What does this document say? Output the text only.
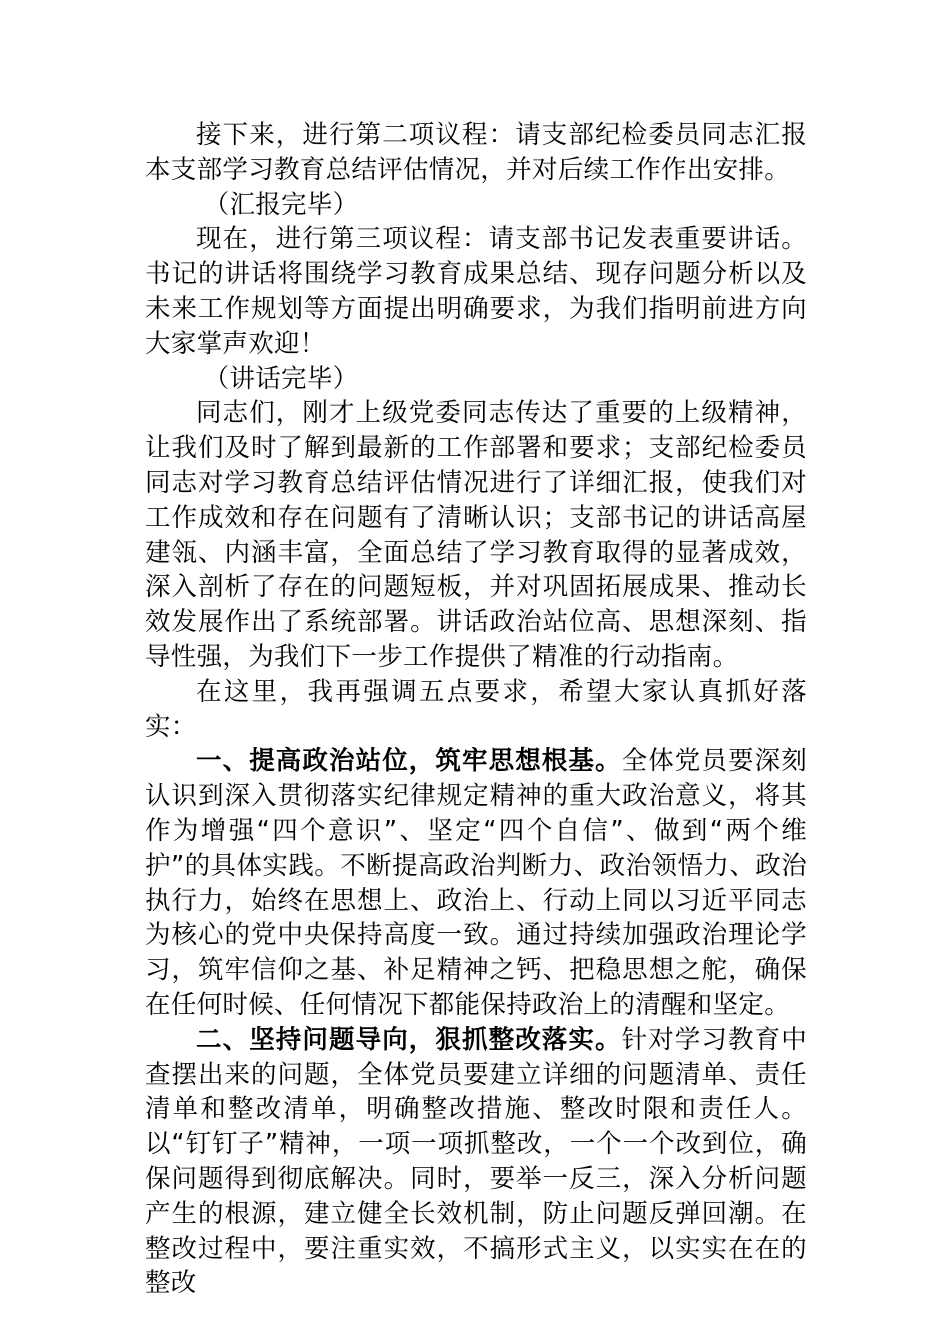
接下来，进行第二项议程：请支部纪检委员同志汇报本支部学习教育总结评估情况，并对后续工作作出安排。

（汇报完毕）

现在，进行第三项议程：请支部书记发表重要讲话。书记的讲话将围绕学习教育成果总结、现存问题分析以及未来工作规划等方面提出明确要求，为我们指明前进方向大家掌声欢迎！

（讲话完毕）

同志们，刚才上级党委同志传达了重要的上级精神，让我们及时了解到最新的工作部署和要求；支部纪检委员同志对学习教育总结评估情况进行了详细汇报，使我们对工作成效和存在问题有了清晰认识；支部书记的讲话高屋建瓴、内涵丰富，全面总结了学习教育取得的显著成效，深入剖析了存在的问题短板，并对巩固拓展成果、推动长效发展作出了系统部署。讲话政治站位高、思想深刻、指导性强，为我们下一步工作提供了精准的行动指南。

在这里，我再强调五点要求，希望大家认真抓好落实：

一、提高政治站位，筑牢思想根基。全体党员要深刻认识到深入贯彻落实纪律规定精神的重大政治意义，将其作为增强“四个意识”、坚定“四个自信”、做到“两个维护”的具体实践。不断提高政治判断力、政治领悟力、政治执行力，始终在思想上、政治上、行动上同以习近平同志为核心的党中央保持高度一致。通过持续加强政治理论学习，筑牢信仰之基、补足精神之钙、把稳思想之舵，确保在任何时候、任何情况下都能保持政治上的清醒和坚定。

二、坚持问题导向，狠抓整改落实。针对学习教育中查摆出来的问题，全体党员要建立详细的问题清单、责任清单和整改清单，明确整改措施、整改时限和责任人。以“钉钉子”精神，一项一项抓整改，一个一个改到位，确保问题得到彻底解决。同时，要举一反三，深入分析问题产生的根源，建立健全长效机制，防止问题反弹回潮。在整改过程中，要注重实效，不搞形式主义，以实实在在的整改
